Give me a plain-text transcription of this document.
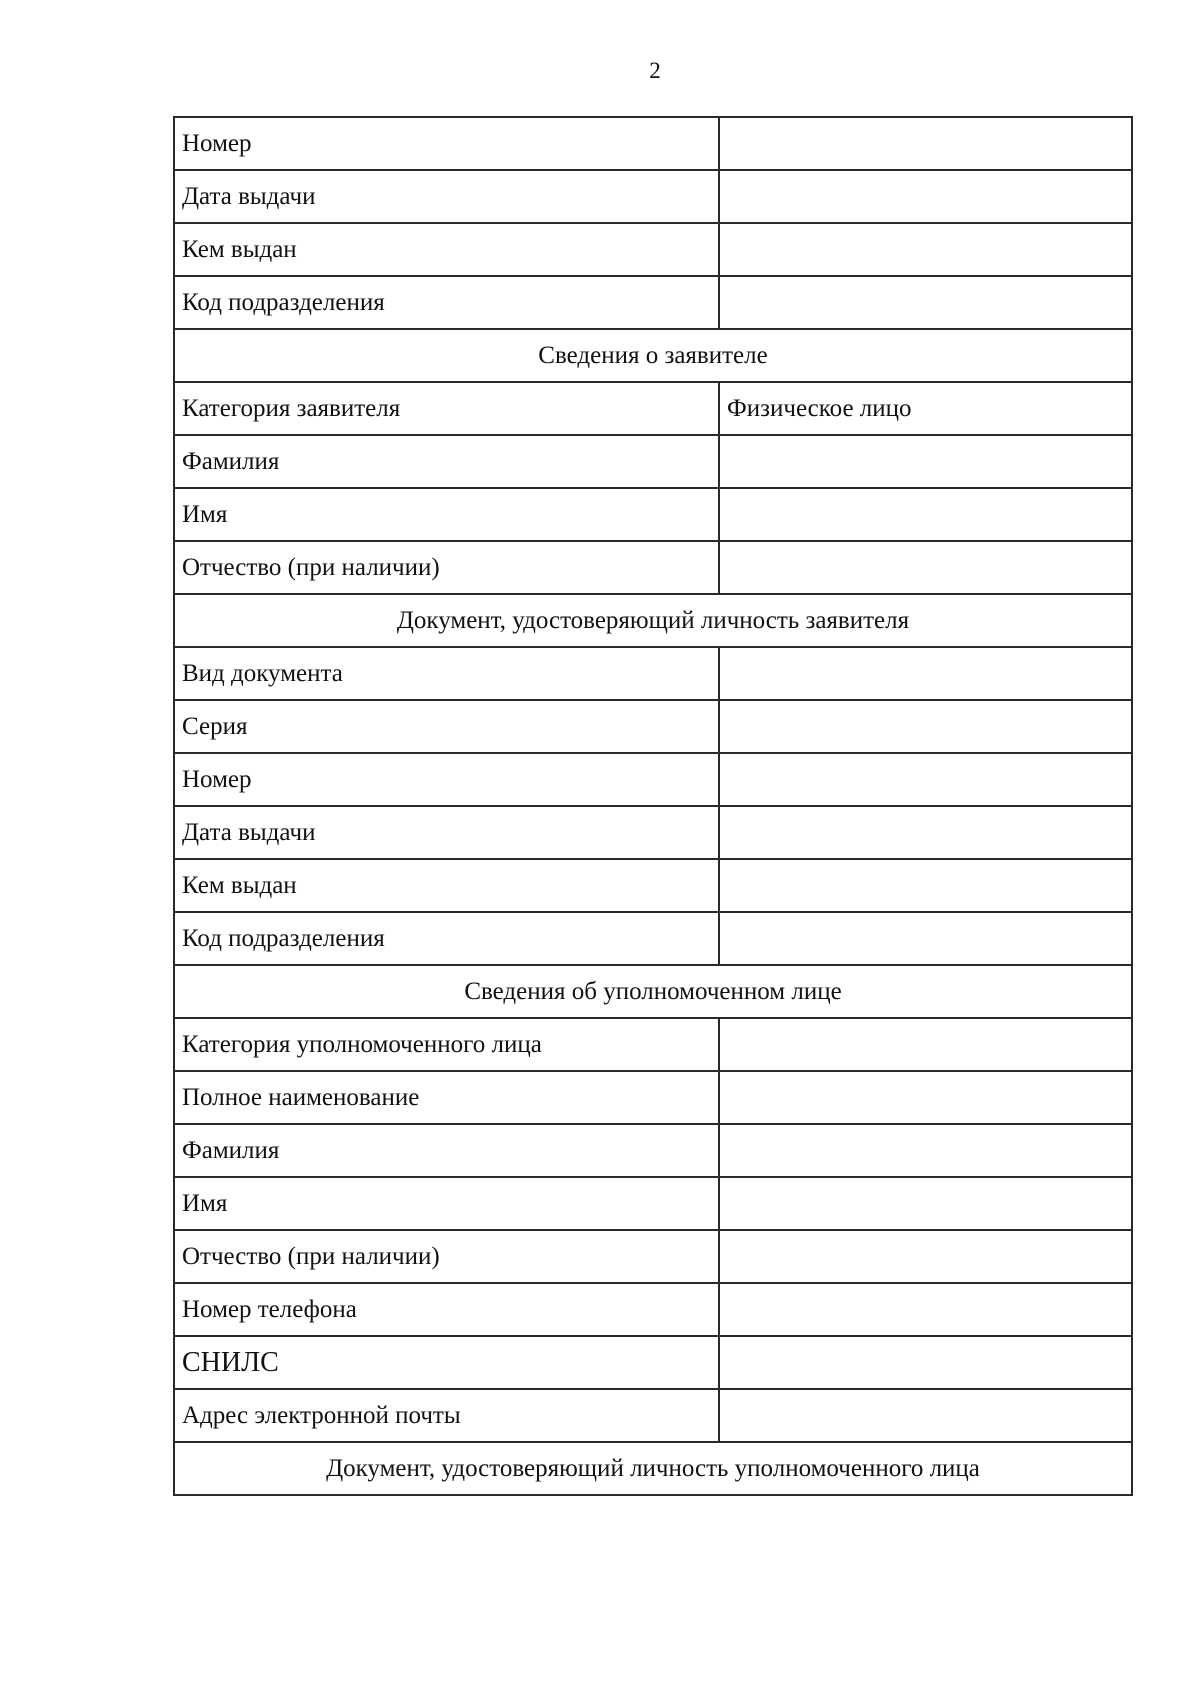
2
Номер	
Дата выдачи	
Кем выдан	
Код подразделения	
Сведения о заявителе	
Категория заявителя	Физическое лицо
Фамилия	
Имя	
Отчество (при наличии)	
Документ, удостоверяющий личность заявителя	
Вид документа	
Серия	
Номер	
Дата выдачи	
Кем выдан	
Код подразделения	
Сведения об уполномоченном лице	
Категория уполномоченного лица	
Полное наименование	
Фамилия	
Имя	
Отчество (при наличии)	
Номер телефона	
СНИЛС	
Адрес электронной почты	
Документ, удостоверяющий личность уполномоченного лица	
